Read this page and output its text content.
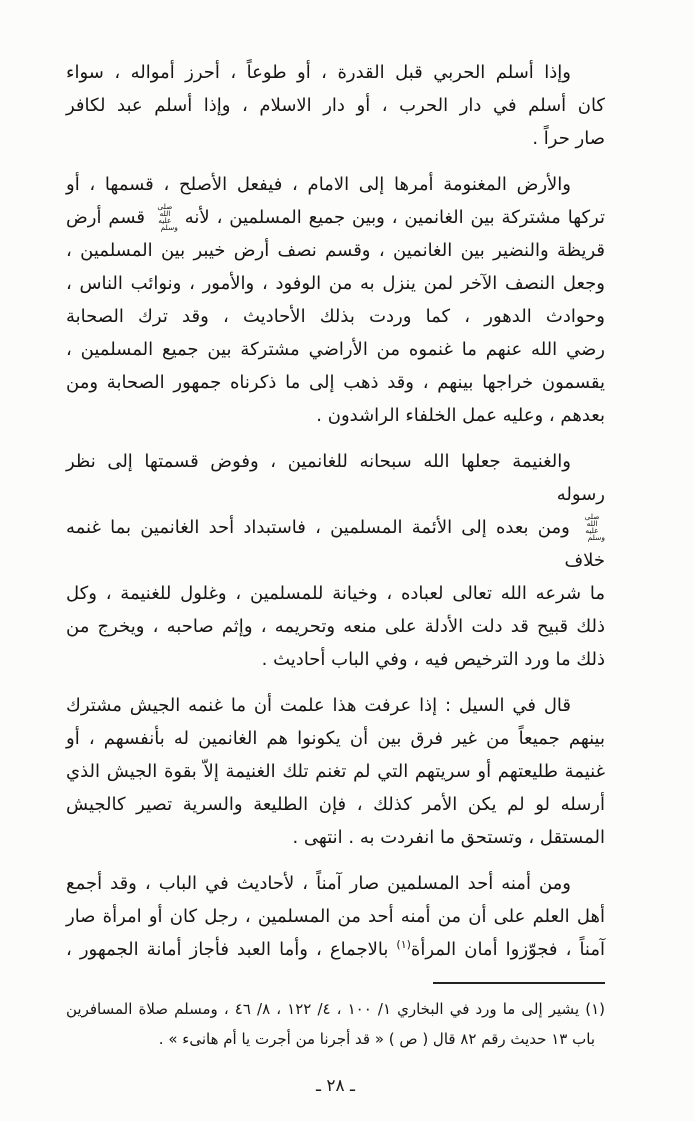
وإذا أسلم الحربي قبل القدرة ، أو طوعاً ، أحرز أمواله ، سواء
كان أسلم في دار الحرب ، أو دار الاسلام ، وإذا أسلم عبد لكافر
صار حراً .
والأرض المغنومة أمرها إلى الامام ، فيفعل الأصلح ، قسمها ، أو
تركها مشتركة بين الغانمين ، وبين جميع المسلمين ، لأنه صلى الله عليه وسلم قسم أرض
قريظة والنضير بين الغانمين ، وقسم نصف أرض خيبر بين المسلمين ،
وجعل النصف الآخر لمن ينزل به من الوفود ، والأمور ، ونوائب الناس ،
وحوادث الدهور ، كما وردت بذلك الأحاديث ، وقد ترك الصحابة
رضي الله عنهم ما غنموه من الأراضي مشتركة بين جميع المسلمين ،
يقسمون خراجها بينهم ، وقد ذهب إلى ما ذكرناه جمهور الصحابة ومن
بعدهم ، وعليه عمل الخلفاء الراشدون .
والغنيمة جعلها الله سبحانه للغانمين ، وفوض قسمتها إلى نظر رسوله
صلى الله عليه وسلم ومن بعده إلى الأئمة المسلمين ، فاستبداد أحد الغانمين بما غنمه خلاف
ما شرعه الله تعالى لعباده ، وخيانة للمسلمين ، وغلول للغنيمة ، وكل
ذلك قبيح قد دلت الأدلة على منعه وتحريمه ، وإثم صاحبه ، ويخرج من
ذلك ما ورد الترخيص فيه ، وفي الباب أحاديث .
قال في السيل : إذا عرفت هذا علمت أن ما غنمه الجيش مشترك
بينهم جميعاً من غير فرق بين أن يكونوا هم الغانمين له بأنفسهم ، أو
غنيمة طليعتهم أو سريتهم التي لم تغنم تلك الغنيمة إلاّ بقوة الجيش الذي
أرسله لو لم يكن الأمر كذلك ، فإن الطليعة والسرية تصير كالجيش
المستقل ، وتستحق ما انفردت به . انتهى .
ومن أمنه أحد المسلمين صار آمناً ، لأحاديث في الباب ، وقد أجمع
أهل العلم على أن من أمنه أحد من المسلمين ، رجل كان أو امرأة صار
آمناً ، فجوّزوا أمان المرأة$^{(١)}$ بالاجماع ، وأما العبد فأجاز أمانة الجمهور ،
(١) يشير إلى ما ورد في البخاري ١/ ١٠٠ ، ٤/ ١٢٢ ، ٨/ ٤٦ ، ومسلم صلاة المسافرين
باب ١٣ حديث رقم ٨٢ قال ( ص ) « قد أجرنا من أجرت يا أم هانىء » .
ـ ٢٨ ـ
